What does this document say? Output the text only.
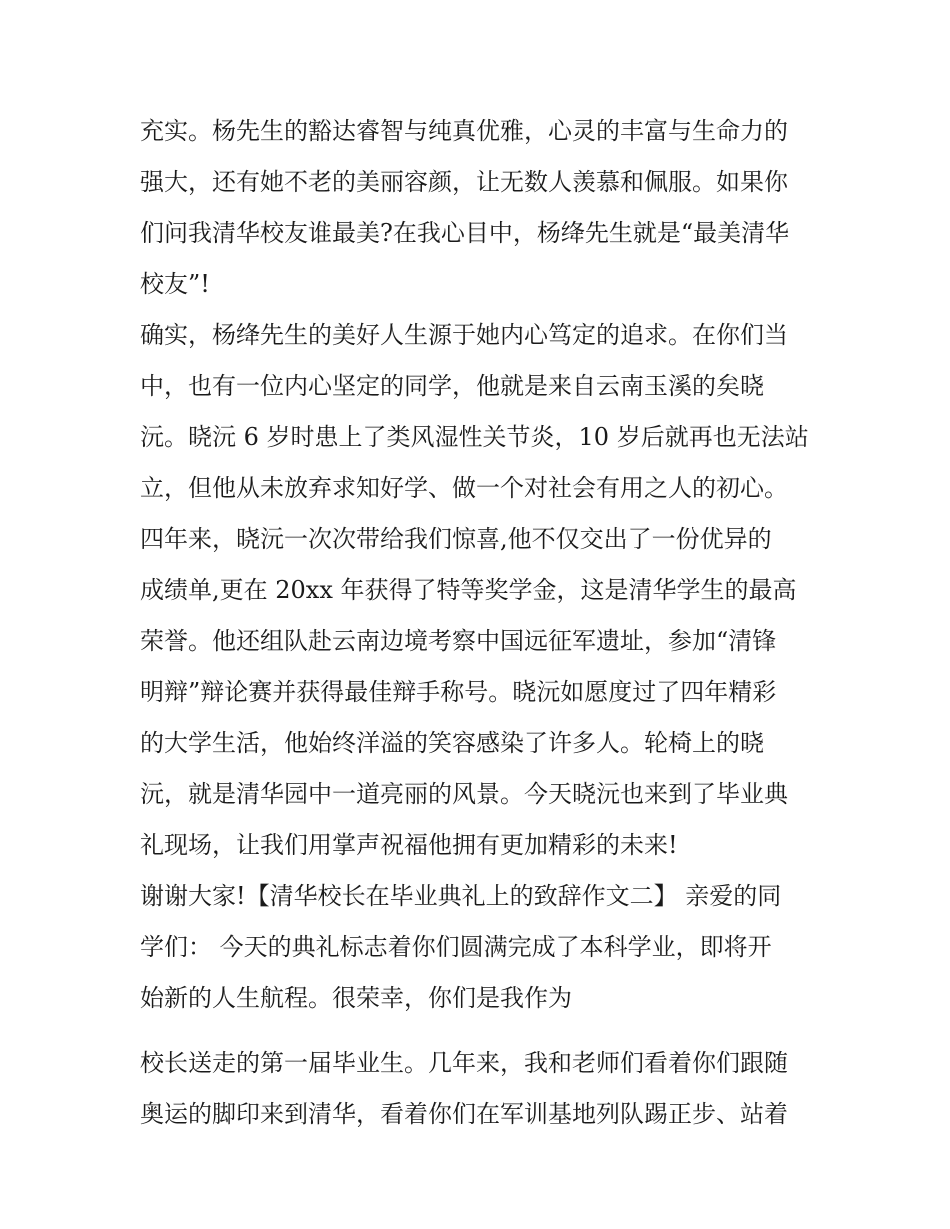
充实。杨先生的豁达睿智与纯真优雅，心灵的丰富与生命力的
强大，还有她不老的美丽容颜，让无数人羡慕和佩服。如果你
们问我清华校友谁最美?在我心目中，杨绛先生就是“最美清华
校友”!
确实，杨绛先生的美好人生源于她内心笃定的追求。在你们当
中，也有一位内心坚定的同学，他就是来自云南玉溪的矣晓
沅。晓沅 6 岁时患上了类风湿性关节炎，10 岁后就再也无法站
立，但他从未放弃求知好学、做一个对社会有用之人的初心。
四年来，晓沅一次次带给我们惊喜,他不仅交出了一份优异的
成绩单,更在 20xx 年获得了特等奖学金，这是清华学生的最高
荣誉。他还组队赴云南边境考察中国远征军遗址，参加“清锋
明辩”辩论赛并获得最佳辩手称号。晓沅如愿度过了四年精彩
的大学生活，他始终洋溢的笑容感染了许多人。轮椅上的晓
沅，就是清华园中一道亮丽的风景。今天晓沅也来到了毕业典
礼现场，让我们用掌声祝福他拥有更加精彩的未来!
谢谢大家!【清华校长在毕业典礼上的致辞作文二】 亲爱的同
学们： 今天的典礼标志着你们圆满完成了本科学业，即将开
始新的人生航程。很荣幸，你们是我作为
校长送走的第一届毕业生。几年来，我和老师们看着你们跟随
奥运的脚印来到清华，看着你们在军训基地列队踢正步、站着
